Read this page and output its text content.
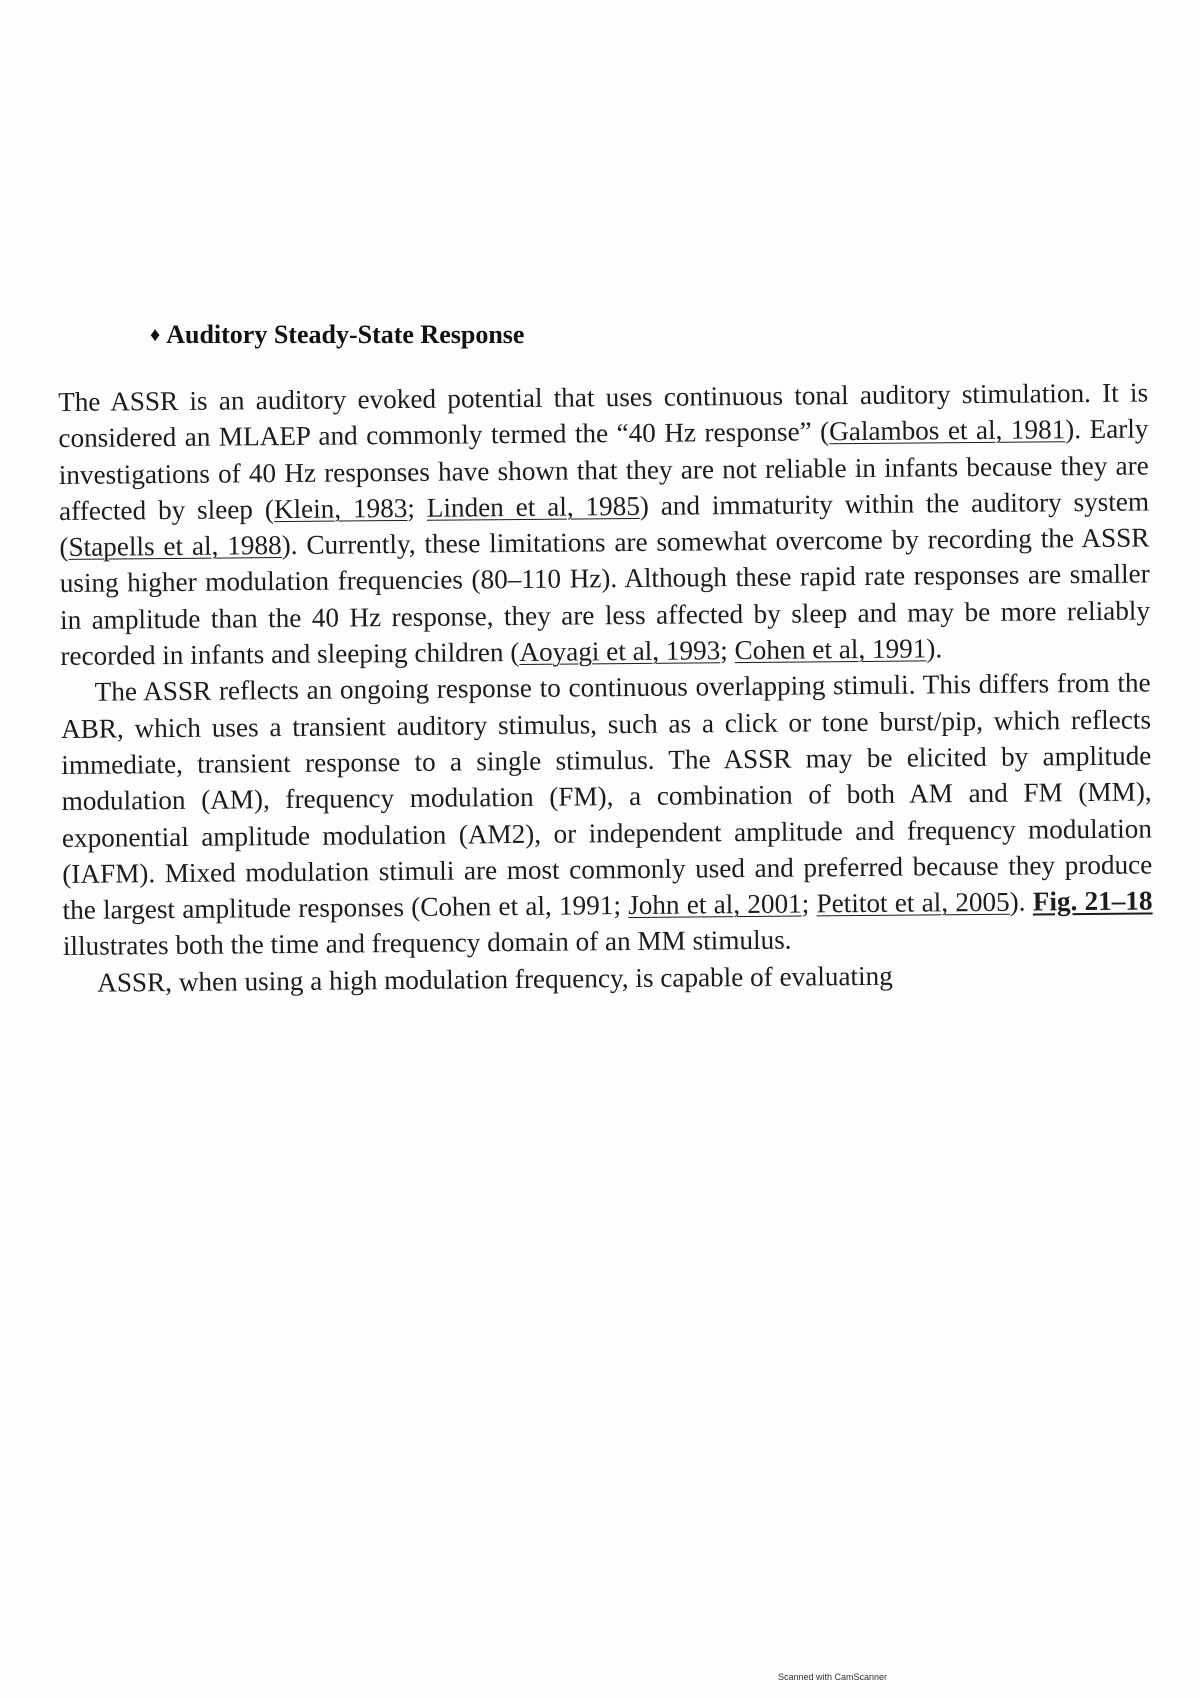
♦ Auditory Steady-State Response

The ASSR is an auditory evoked potential that uses continuous tonal auditory stimulation. It is considered an MLAEP and commonly termed the “40 Hz response” (Galambos et al, 1981). Early investigations of 40 Hz responses have shown that they are not reliable in infants because they are affected by sleep (Klein, 1983; Linden et al, 1985) and immaturity within the auditory system (Stapells et al, 1988). Currently, these limitations are somewhat overcome by recording the ASSR using higher modulation frequencies (80–110 Hz). Although these rapid rate responses are smaller in amplitude than the 40 Hz response, they are less affected by sleep and may be more reliably recorded in infants and sleeping children (Aoyagi et al, 1993; Cohen et al, 1991).

The ASSR reflects an ongoing response to continuous overlapping stimuli. This differs from the ABR, which uses a transient auditory stimulus, such as a click or tone burst/pip, which reflects immediate, transient response to a single stimulus. The ASSR may be elicited by amplitude modulation (AM), frequency modulation (FM), a combination of both AM and FM (MM), exponential amplitude modulation (AM2), or independent amplitude and frequency modulation (IAFM). Mixed modulation stimuli are most commonly used and preferred because they produce the largest amplitude responses (Cohen et al, 1991; John et al, 2001; Petitot et al, 2005). Fig. 21–18 illustrates both the time and frequency domain of an MM stimulus.

ASSR, when using a high modulation frequency, is capable of evaluating

Scanned with CamScanner
